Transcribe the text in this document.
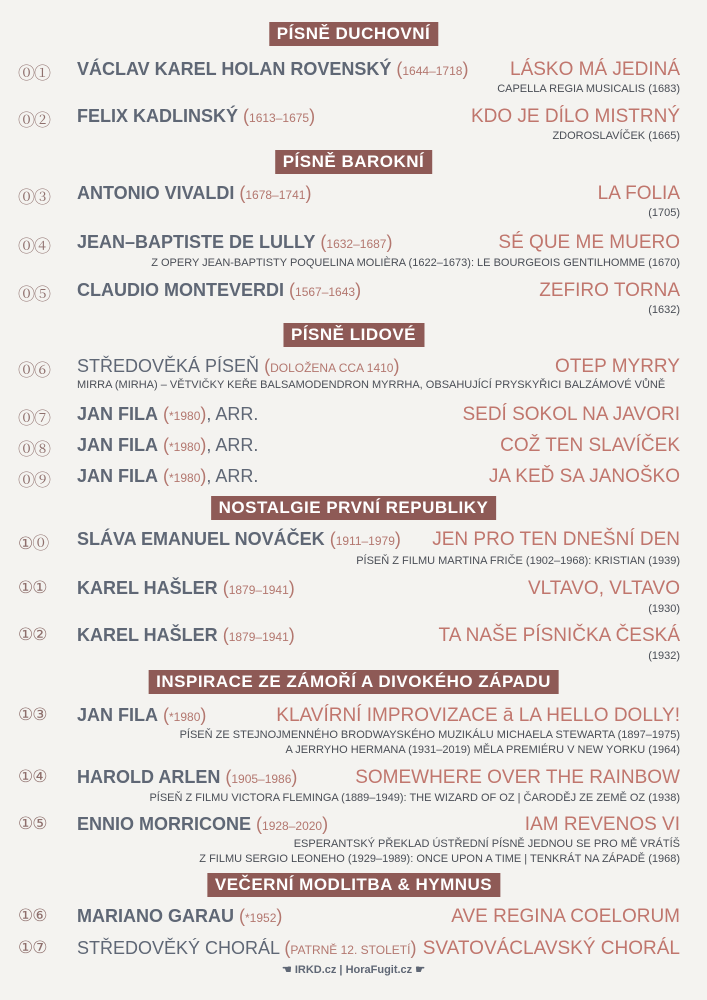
PÍSNĚ DUCHOVNÍ
⓪① VÁCLAV KAREL HOLAN ROVENSKÝ (1644–1718) LÁSKO MÁ JEDINÁ
CAPELLA REGIA MUSICALIS (1683)
⓪② FELIX KADLINSKÝ (1613–1675)	KDO JE DÍLO MISTRNÝ
ZDOROSLAVÍČEK (1665)
PÍSNĚ BAROKNÍ
⓪③ ANTONIO VIVALDI (1678–1741)	LA FOLIA
(1705)
⓪④ JEAN–BAPTISTE DE LULLY (1632–1687)	SÉ QUE ME MUERO
Z OPERY JEAN-BAPTISTY POQUELINA MOLIÈRA (1622–1673): LE BOURGEOIS GENTILHOMME (1670)
⓪⑤ CLAUDIO MONTEVERDI (1567–1643)	ZEFIRO TORNA
(1632)
PÍSNĚ LIDOVÉ
⓪⑥ STŘEDOVĚKÁ PÍSEŇ (DOLOŽENA CCA 1410)	OTEP MYRRY
MIRRA (MIRHA) – VĚTVIČKY KEŘE BALSAMODENDRON MYRRHA, OBSAHUJÍCÍ PRYSKYŘICI BALZÁMOVÉ VŮNĚ
⓪⑦ JAN FILA (*1980), ARR.	SEDÍ SOKOL NA JAVORI
⓪⑧ JAN FILA (*1980), ARR.	COŽ TEN SLAVÍČEK
⓪⑨ JAN FILA (*1980), ARR.	JA KEĎ SA JANOŠKO
NOSTALGIE PRVNÍ REPUBLIKY
①⓪ SLÁVA EMANUEL NOVÁČEK (1911–1979) JEN PRO TEN DNEŠNÍ DEN
PÍSEŇ Z FILMU MARTINA FRIČE (1902–1968): KRISTIAN (1939)
①① KAREL HAŠLER (1879–1941)	VLTAVO, VLTAVO
(1930)
①② KAREL HAŠLER (1879–1941)	TA NAŠE PÍSNIČKA ČESKÁ
(1932)
INSPIRACE ZE ZÁMOŘÍ A DIVOKÉHO ZÁPADU
①③ JAN FILA (*1980)	KLAVÍRNÍ IMPROVIZACE ā LA HELLO DOLLY!
PÍSEŇ ZE STEJNOJMENNÉHO BRODWAYSKÉHO MUZIKÁLU MICHAELA STEWARTA (1897–1975)
A JERRYHO HERMANA (1931–2019) MĚLA PREMIÉRU V NEW YORKU (1964)
①④ HAROLD ARLEN (1905–1986)	SOMEWHERE OVER THE RAINBOW
PÍSEŇ Z FILMU VICTORA FLEMINGA (1889–1949): THE WIZARD OF OZ | ČARODĚJ ZE ZEMĚ OZ (1938)
①⑤ ENNIO MORRICONE (1928–2020)	IAM REVENOS VI
ESPERANTSKÝ PŘEKLAD ÚSTŘEDNÍ PÍSNĚ JEDNOU SE PRO MĚ VRÁTÍŠ
Z FILMU SERGIO LEONEHO (1929–1989): ONCE UPON A TIME | TENKRÁT NA ZÁPADĚ (1968)
VEČERNÍ MODLITBA & HYMNUS
①⑥ MARIANO GARAU (*1952)	AVE REGINA COELORUM
①⑦ STŘEDOVĚKÝ CHORÁL (PATRNĚ 12. STOLETÍ) SVATOVÁCLAVSKÝ CHORÁL
☚ IRKD.cz | HoraFugit.cz ☛
